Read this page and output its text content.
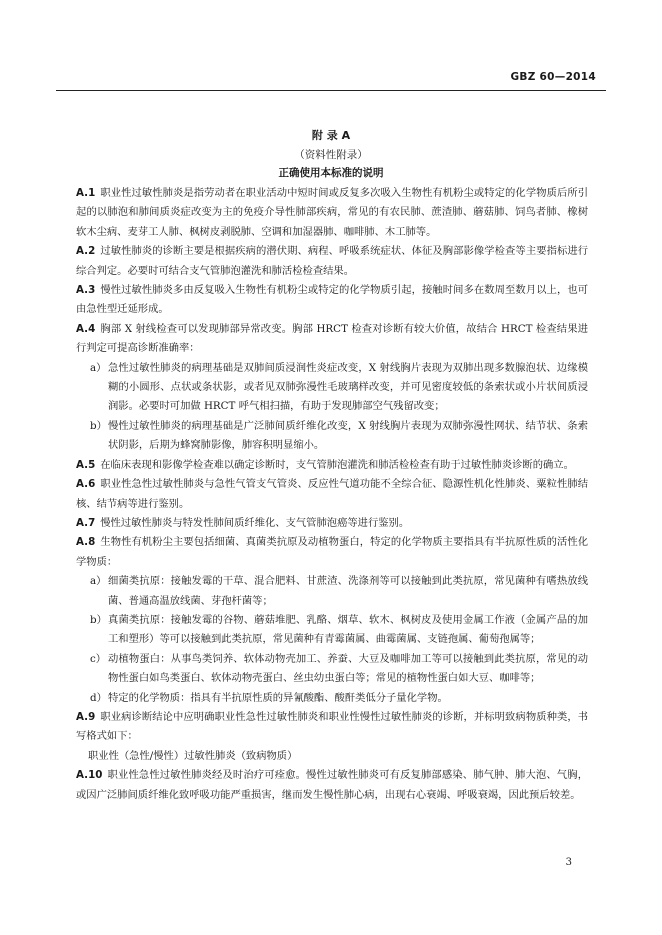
GBZ 60—2014
附 录 A
（资料性附录）
正确使用本标准的说明

A.1 职业性过敏性肺炎是指劳动者在职业活动中短时间或反复多次吸入生物性有机粉尘或特定的化学物质后所引起的以肺泡和肺间质炎症改变为主的免疫介导性肺部疾病，常见的有农民肺、蔗渣肺、蘑菇肺、饲鸟者肺、橡树软木尘病、麦芽工人肺、枫树皮剥脱肺、空调和加湿器肺、咖啡肺、木工肺等。

A.2 过敏性肺炎的诊断主要是根据疾病的潜伏期、病程、呼吸系统症状、体征及胸部影像学检查等主要指标进行综合判定。必要时可结合支气管肺泡灌洗和肺活检检查结果。

A.3 慢性过敏性肺炎多由反复吸入生物性有机粉尘或特定的化学物质引起，接触时间多在数周至数月以上，也可由急性型迁延形成。

A.4 胸部 X 射线检查可以发现肺部异常改变。胸部 HRCT 检查对诊断有较大价值，故结合 HRCT 检查结果进行判定可提高诊断准确率：

a） 急性过敏性肺炎的病理基础是双肺间质浸润性炎症改变，X 射线胸片表现为双肺出现多数腺泡状、边缘模糊的小圆形、点状或条状影，或者见双肺弥漫性毛玻璃样改变，并可见密度较低的条索状或小片状间质浸润影。必要时可加做 HRCT 呼气相扫描，有助于发现肺部空气残留改变；

b） 慢性过敏性肺炎的病理基础是广泛肺间质纤维化改变，X 射线胸片表现为双肺弥漫性网状、结节状、条索状阴影，后期为蜂窝肺影像，肺容积明显缩小。

A.5 在临床表现和影像学检查难以确定诊断时，支气管肺泡灌洗和肺活检检查有助于过敏性肺炎诊断的确立。

A.6 职业性急性过敏性肺炎与急性气管支气管炎、反应性气道功能不全综合征、隐源性机化性肺炎、粟粒性肺结核、结节病等进行鉴别。

A.7 慢性过敏性肺炎与特发性肺间质纤维化、支气管肺泡癌等进行鉴别。

A.8 生物性有机粉尘主要包括细菌、真菌类抗原及动植物蛋白，特定的化学物质主要指具有半抗原性质的活性化学物质：

a） 细菌类抗原：接触发霉的干草、混合肥料、甘蔗渣、洗涤剂等可以接触到此类抗原，常见菌种有嗜热放线菌、普通高温放线菌、芽孢杆菌等；

b） 真菌类抗原：接触发霉的谷物、蘑菇堆肥、乳酪、烟草、软木、枫树皮及使用金属工作液（金属产品的加工和塑形）等可以接触到此类抗原，常见菌种有青霉菌属、曲霉菌属、支链孢属、葡萄孢属等；

c） 动植物蛋白：从事鸟类饲养、软体动物壳加工、养蚕、大豆及咖啡加工等可以接触到此类抗原，常见的动物性蛋白如鸟类蛋白、软体动物壳蛋白、丝虫幼虫蛋白等；常见的植物性蛋白如大豆、咖啡等；

d） 特定的化学物质：指具有半抗原性质的异氰酸酯、酸酐类低分子量化学物。

A.9 职业病诊断结论中应明确职业性急性过敏性肺炎和职业性慢性过敏性肺炎的诊断，并标明致病物质种类，书写格式如下：

职业性（急性/慢性）过敏性肺炎（致病物质）

A.10 职业性急性过敏性肺炎经及时治疗可痊愈。慢性过敏性肺炎可有反复肺部感染、肺气肿、肺大泡、气胸，或因广泛肺间质纤维化致呼吸功能严重损害，继而发生慢性肺心病，出现右心衰竭、呼吸衰竭，因此预后较差。

3
